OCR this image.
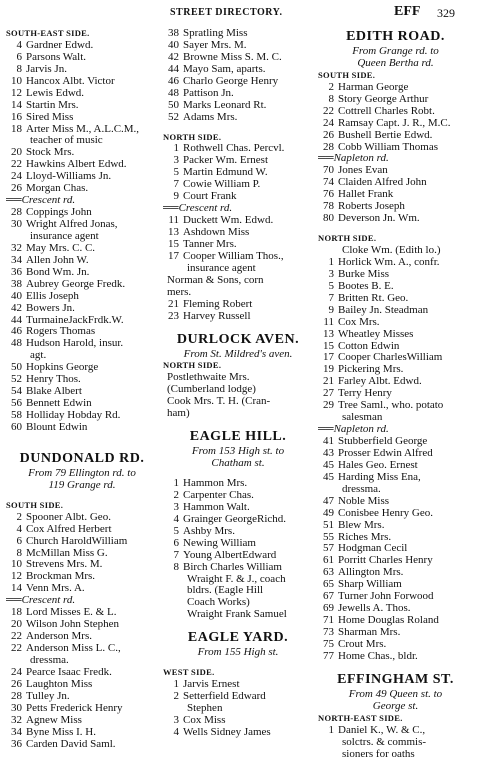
STREET DIRECTORY.	EFF 329
SOUTH-EAST SIDE.
4 Gardner Edwd.
6 Parsons Walt.
8 Jarvis Jn.
10 Hancox Albt. Victor
12 Lewis Edwd.
14 Startin Mrs.
16 Sired Miss
18 Arter Miss M., A.L.C.M.,
teacher of music
20 Stock Mrs.
22 Hawkins Albert Edwd.
24 Lloyd-Williams Jn.
26 Morgan Chas.
══Crescent rd.
28 Coppings John
30 Wright Alfred Jonas,
insurance agent
32 May Mrs. C. C.
34 Allen John W.
36 Bond Wm. Jn.
38 Aubrey George Fredk.
40 Ellis Joseph
42 Bowers Jn.
44 TurmaineJackFrdk.W.
46 Rogers Thomas
48 Hudson Harold, insur.
agt.
50 Hopkins George
52 Henry Thos.
54 Blake Albert
56 Bennett Edwin
58 Holliday Hobday Rd.
60 Blount Edwin
DUNDONALD RD.
From 79 Ellington rd. to
119 Grange rd.
SOUTH SIDE.
2 Spooner Albt. Geo.
4 Cox Alfred Herbert
6 Church HaroldWilliam
8 McMillan Miss G.
10 Strevens Mrs. M.
12 Brockman Mrs.
14 Venn Mrs. A.
══Crescent rd.
18 Lord Misses E. & L.
20 Wilson John Stephen
22 Anderson Mrs.
22 Anderson Miss L. C.,
dressma.
24 Pearce Isaac Fredk.
26 Laughton Miss
28 Tulley Jn.
30 Petts Frederick Henry
32 Agnew Miss
34 Byne Miss I. H.
36 Carden David Saml.
38 Spratling Miss
40 Sayer Mrs. M.
42 Browne Miss S. M. C.
44 Mayo Sam, aparts.
46 Charlo George Henry
48 Pattison Jn.
50 Marks Leonard Rt.
52 Adams Mrs.
NORTH SIDE.
1 Rothwell Chas. Percvl.
3 Packer Wm. Ernest
5 Martin Edmund W.
7 Cowie William P.
9 Court Frank
══Crescent rd.
11 Duckett Wm. Edwd.
13 Ashdown Miss
15 Tanner Mrs.
17 Cooper William Thos.,
insurance agent
Norman & Sons, corn
mers.
21 Fleming Robert
23 Harvey Russell
DURLOCK AVEN.
From St. Mildred's aven.
NORTH SIDE.
Postlethwaite Mrs.
(Cumberland lodge)
Cook Mrs. T. H. (Cran-
ham)
EAGLE HILL.
From 153 High st. to
Chatham st.
1 Hammon Mrs.
2 Carpenter Chas.
3 Hammon Walt.
4 Grainger GeorgeRichd.
5 Ashby Mrs.
6 Newing William
7 Young AlbertEdward
8 Birch Charles William
Wraight F. & J., coach
bldrs. (Eagle Hill
Coach Works)
Wraight Frank Samuel
EAGLE YARD.
From 155 High st.
WEST SIDE.
1 Jarvis Ernest
2 Setterfield Edward
Stephen
3 Cox Miss
4 Wells Sidney James
EDITH ROAD.
From Grange rd. to
Queen Bertha rd.
SOUTH SIDE.
2 Harman George
8 Story George Arthur
22 Cottrell Charles Robt.
24 Ramsay Capt. J. R., M.C.
26 Bushell Bertie Edwd.
28 Cobb William Thomas
══Napleton rd.
70 Jones Evan
74 Claiden Alfred John
76 Hallet Frank
78 Roberts Joseph
80 Deverson Jn. Wm.
NORTH SIDE.
Cloke Wm. (Edith lo.)
1 Horlick Wm. A., confr.
3 Burke Miss
5 Bootes B. E.
7 Britten Rt. Geo.
9 Bailey Jn. Steadman
11 Cox Mrs.
13 Wheatley Misses
15 Cotton Edwin
17 Cooper CharlesWilliam
19 Pickering Mrs.
21 Farley Albt. Edwd.
27 Terry Henry
29 Tree Saml., who. potato
salesman
══Napleton rd.
41 Stubberfield George
43 Prosser Edwin Alfred
45 Hales Geo. Ernest
45 Harding Miss Ena,
dressma.
47 Noble Miss
49 Conisbee Henry Geo.
51 Blew Mrs.
55 Riches Mrs.
57 Hodgman Cecil
61 Porritt Charles Henry
63 Allington Mrs.
65 Sharp William
67 Turner John Forwood
69 Jewells A. Thos.
71 Home Douglas Roland
73 Sharman Mrs.
75 Crout Mrs.
77 Home Chas., bldr.
EFFINGHAM ST.
From 49 Queen st. to
George st.
NORTH-EAST SIDE.
1 Daniel K., W. & C.,
solctrs. & commis-
sioners for oaths
